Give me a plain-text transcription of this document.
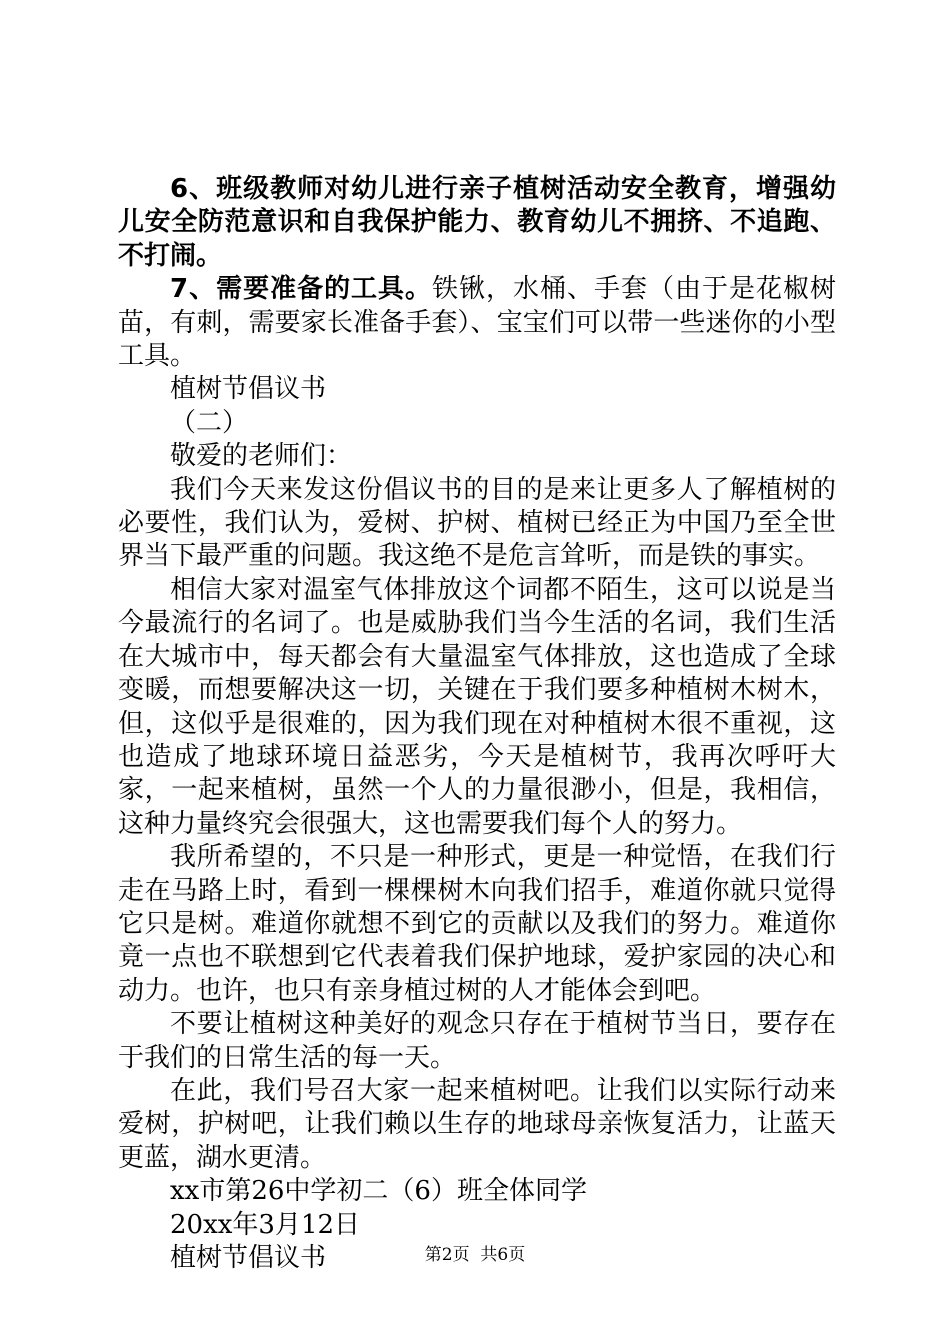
6、班级教师对幼儿进行亲子植树活动安全教育，增强幼儿安全防范意识和自我保护能力、教育幼儿不拥挤、不追跑、不打闹。

7、需要准备的工具。铁锹，水桶、手套（由于是花椒树苗，有刺，需要家长准备手套）、宝宝们可以带一些迷你的小型工具。

植树节倡议书

（二）

敬爱的老师们：

我们今天来发这份倡议书的目的是来让更多人了解植树的必要性，我们认为，爱树、护树、植树已经正为中国乃至全世界当下最严重的问题。我这绝不是危言耸听，而是铁的事实。

相信大家对温室气体排放这个词都不陌生，这可以说是当今最流行的名词了。也是威胁我们当今生活的名词，我们生活在大城市中，每天都会有大量温室气体排放，这也造成了全球变暖，而想要解决这一切，关键在于我们要多种植树木树木，但，这似乎是很难的，因为我们现在对种植树木很不重视，这也造成了地球环境日益恶劣，今天是植树节，我再次呼吁大家，一起来植树，虽然一个人的力量很渺小，但是，我相信，这种力量终究会很强大，这也需要我们每个人的努力。

我所希望的，不只是一种形式，更是一种觉悟，在我们行走在马路上时，看到一棵棵树木向我们招手，难道你就只觉得它只是树。难道你就想不到它的贡献以及我们的努力。难道你竟一点也不联想到它代表着我们保护地球，爱护家园的决心和动力。也许，也只有亲身植过树的人才能体会到吧。

不要让植树这种美好的观念只存在于植树节当日，要存在于我们的日常生活的每一天。

在此，我们号召大家一起来植树吧。让我们以实际行动来爱树，护树吧，让我们赖以生存的地球母亲恢复活力，让蓝天更蓝，湖水更清。

xx市第26中学初二（6）班全体同学

20xx年3月12日

植树节倡议书	第2页  共6页
